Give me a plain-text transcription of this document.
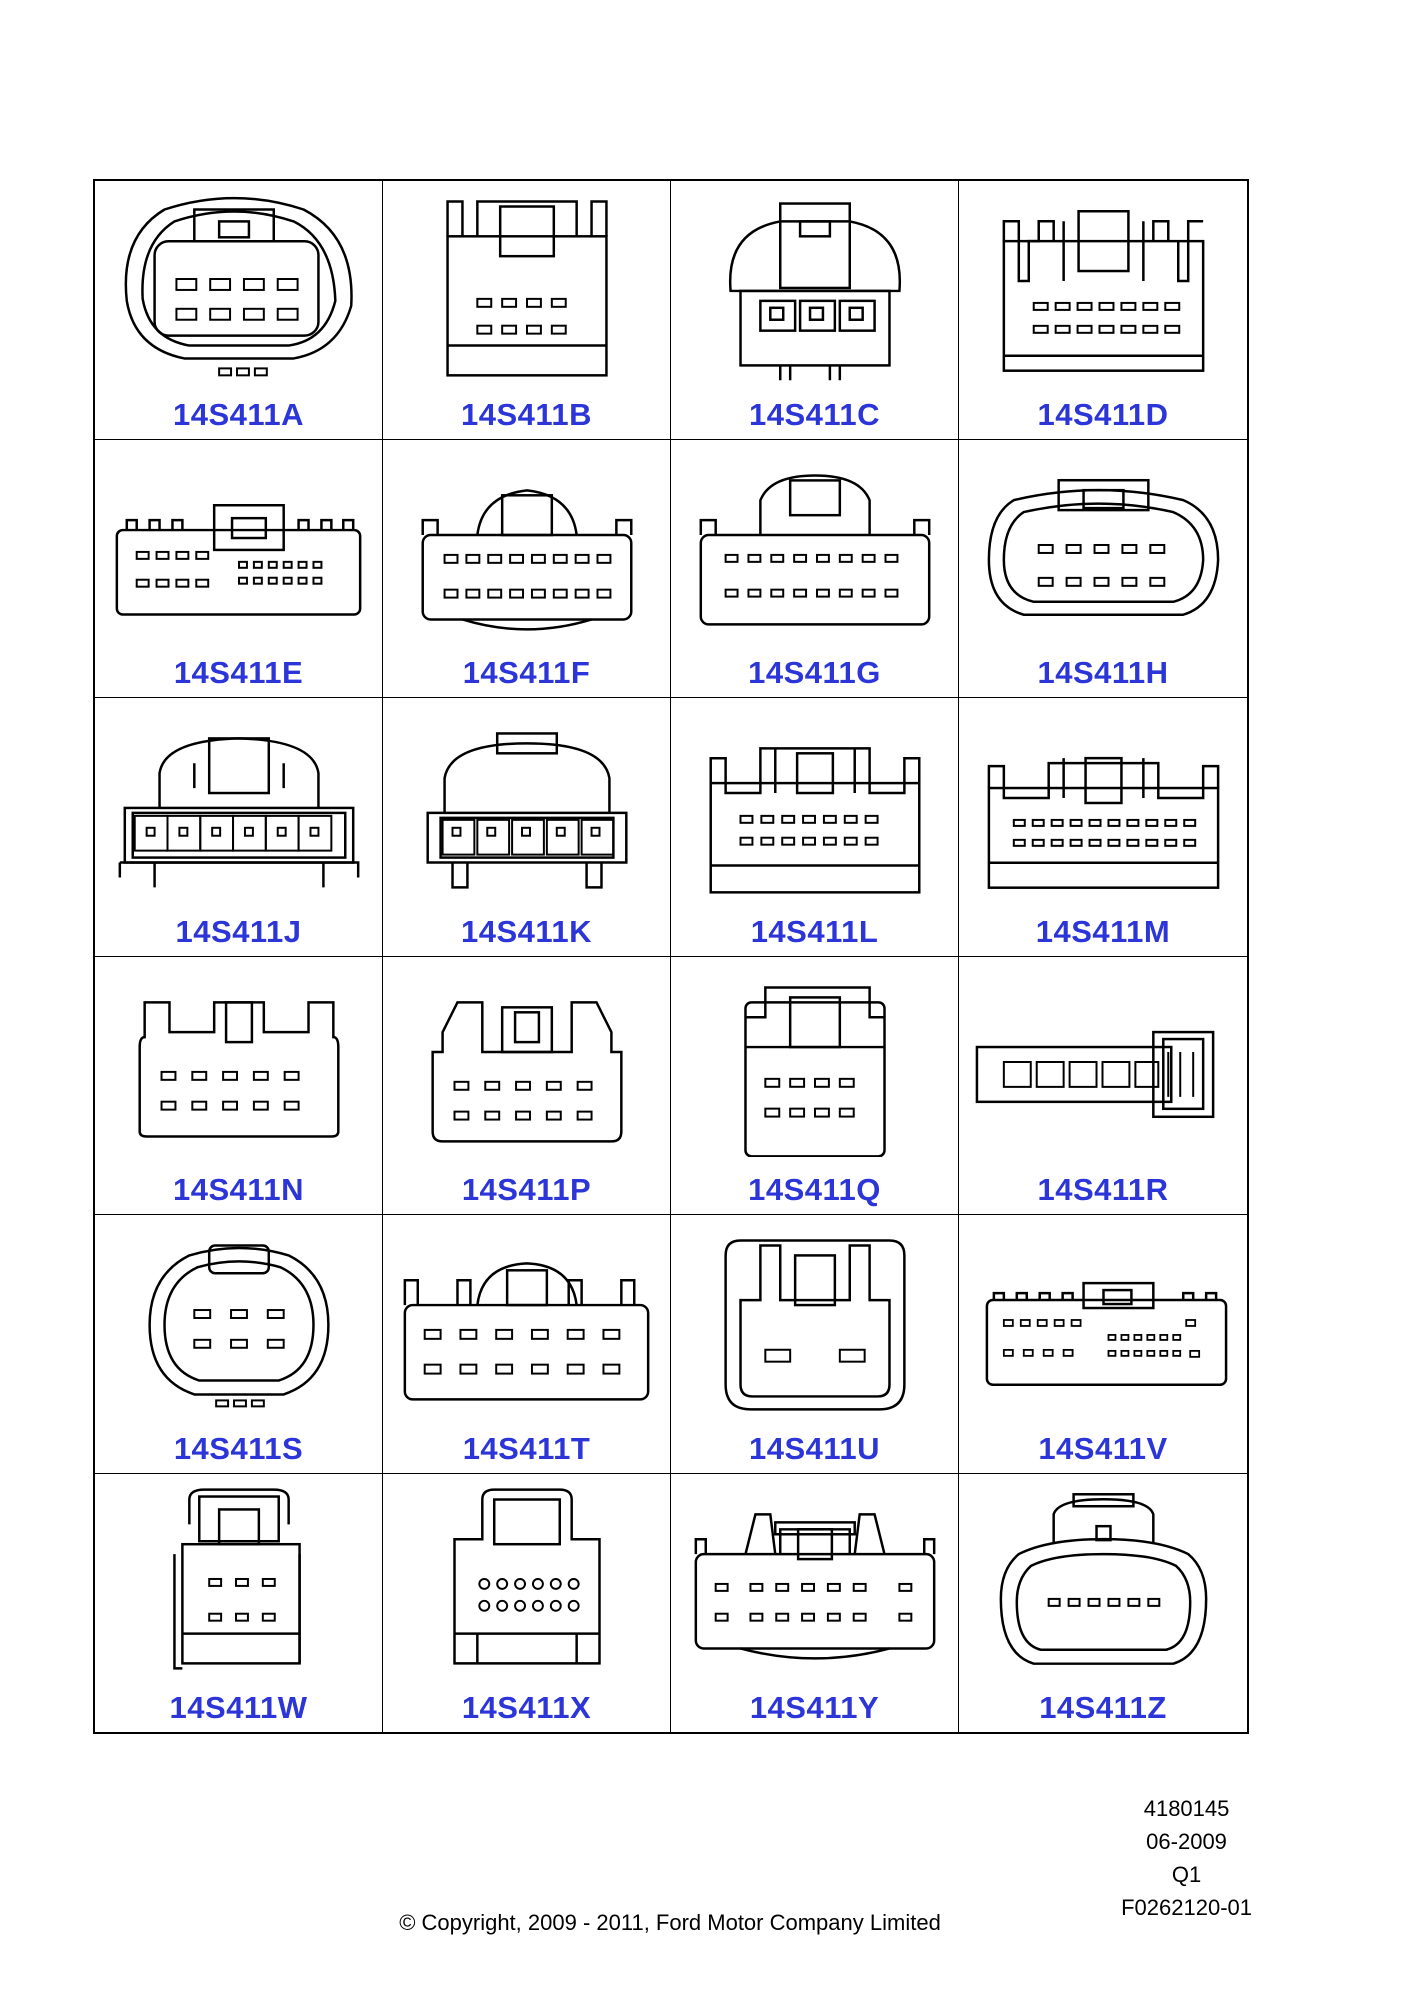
14S411A	14S411B	14S411C	14S411D
14S411E	14S411F	14S411G	14S411H
14S411J	14S411K	14S411L	14S411M
14S411N	14S411P	14S411Q	14S411R
14S411S	14S411T	14S411U	14S411V
14S411W	14S411X	14S411Y	14S411Z
4180145
06-2009
Q1
F0262120-01
© Copyright, 2009 - 2011, Ford Motor Company Limited
